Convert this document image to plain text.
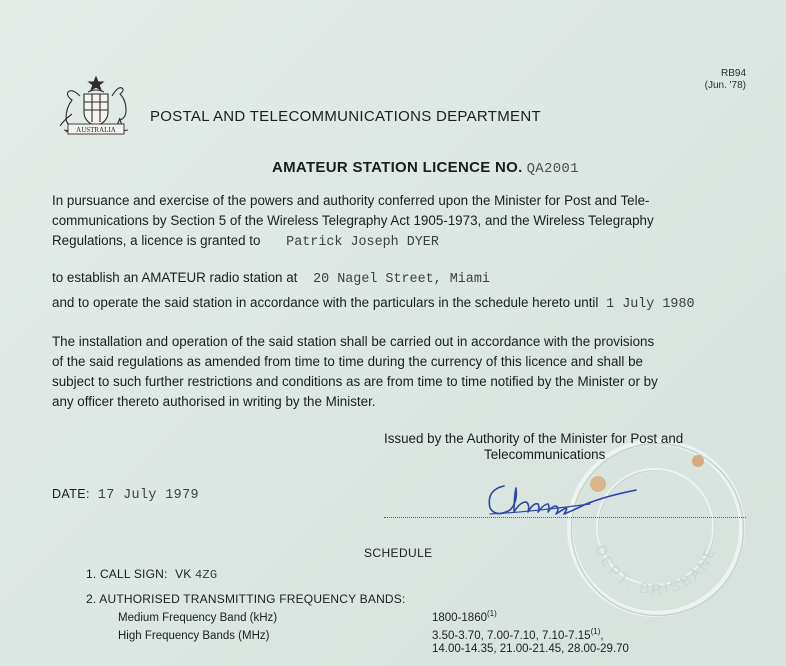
RB94
(Jun. '78)
AUSTRALIA
POSTAL AND TELECOMMUNICATIONS DEPARTMENT
AMATEUR STATION LICENCE NO. QA2001
In pursuance and exercise of the powers and authority conferred upon the Minister for Post and Tele-
communications by Section 5 of the Wireless Telegraphy Act 1905-1973, and the Wireless Telegraphy
Regulations, a licence is granted to Patrick Joseph DYER
to establish an AMATEUR radio station at 20 Nagel Street, Miami
and to operate the said station in accordance with the particulars in the schedule hereto until 1 July 1980
The installation and operation of the said station shall be carried out in accordance with the provisions
of the said regulations as amended from time to time during the currency of this licence and shall be
subject to such further restrictions and conditions as are from time to time notified by the Minister or by
any officer thereto authorised in writing by the Minister.
DEPT. BRISBANE
Issued by the Authority of the Minister for Post and
Telecommunications
DATE: 17 July 1979
SCHEDULE
1. CALL SIGN: VK 4ZG
2. AUTHORISED TRANSMITTING FREQUENCY BANDS:
Medium Frequency Band (kHz)	1800-1860$^{(1)}$
High Frequency Bands (MHz)	3.50-3.70, 7.00-7.10, 7.10-7.15$^{(1)}$,
14.00-14.35, 21.00-21.45, 28.00-29.70
